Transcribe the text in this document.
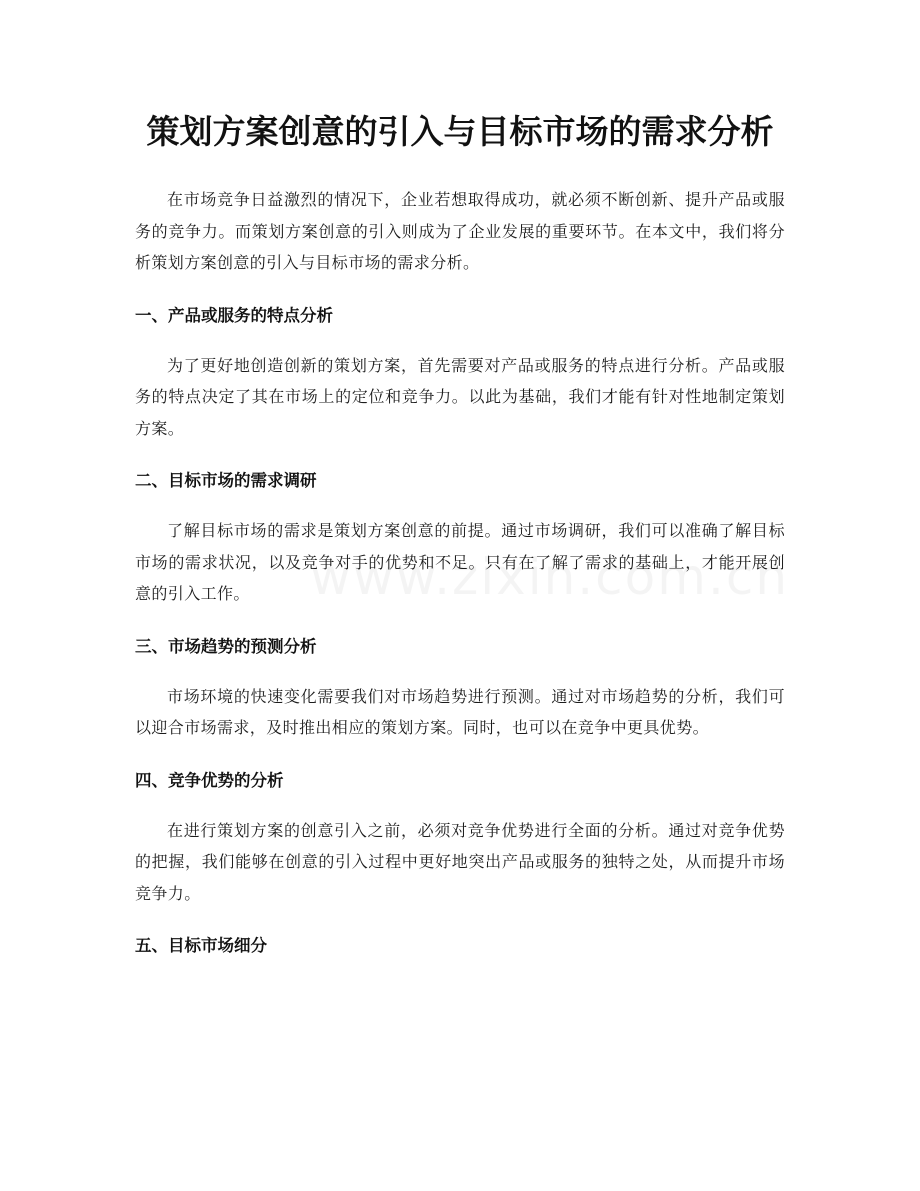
策划方案创意的引入与目标市场的需求分析

在市场竞争日益激烈的情况下，企业若想取得成功，就必须不断创新、提升产品或服务的竞争力。而策划方案创意的引入则成为了企业发展的重要环节。在本文中，我们将分析策划方案创意的引入与目标市场的需求分析。

一、产品或服务的特点分析

为了更好地创造创新的策划方案，首先需要对产品或服务的特点进行分析。产品或服务的特点决定了其在市场上的定位和竞争力。以此为基础，我们才能有针对性地制定策划方案。

二、目标市场的需求调研

了解目标市场的需求是策划方案创意的前提。通过市场调研，我们可以准确了解目标市场的需求状况，以及竞争对手的优势和不足。只有在了解了需求的基础上，才能开展创意的引入工作。

三、市场趋势的预测分析

市场环境的快速变化需要我们对市场趋势进行预测。通过对市场趋势的分析，我们可以迎合市场需求，及时推出相应的策划方案。同时，也可以在竞争中更具优势。

四、竞争优势的分析

在进行策划方案的创意引入之前，必须对竞争优势进行全面的分析。通过对竞争优势的把握，我们能够在创意的引入过程中更好地突出产品或服务的独特之处，从而提升市场竞争力。

五、目标市场细分
